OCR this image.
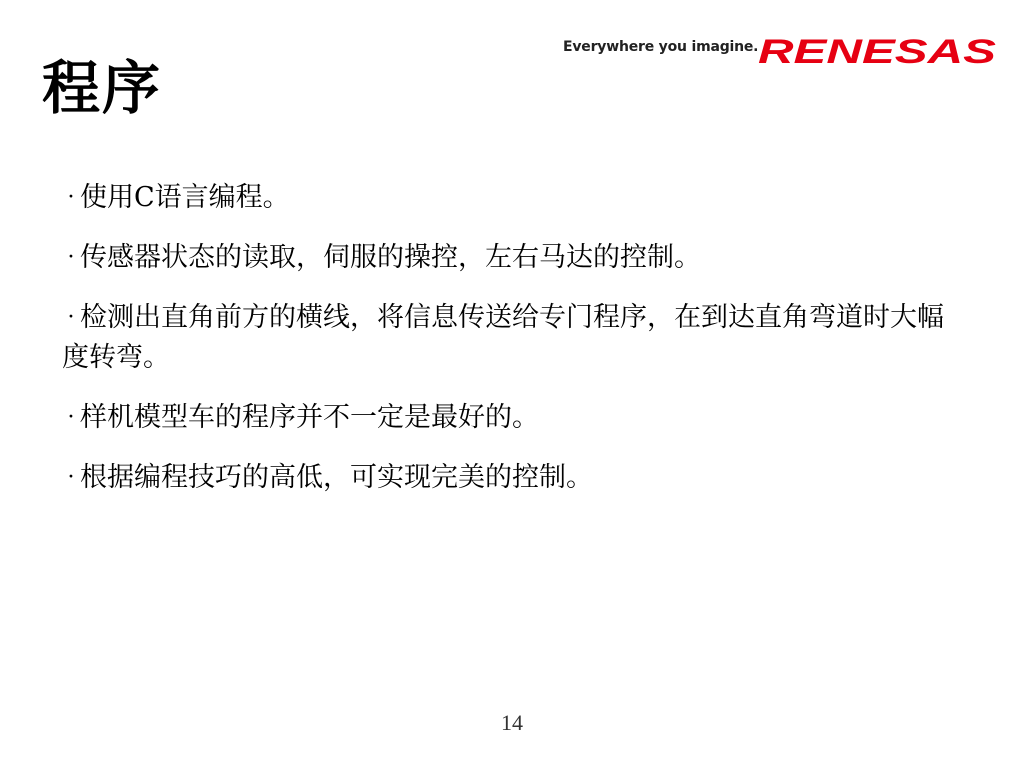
程序
Everywhere you imagine. RENESAS
· 使用C语言编程。
· 传感器状态的读取，伺服的操控，左右马达的控制。
· 检测出直角前方的横线，将信息传送给专门程序，在到达直角弯道时大幅度转弯。
· 样机模型车的程序并不一定是最好的。
· 根据编程技巧的高低，可实现完美的控制。
14
